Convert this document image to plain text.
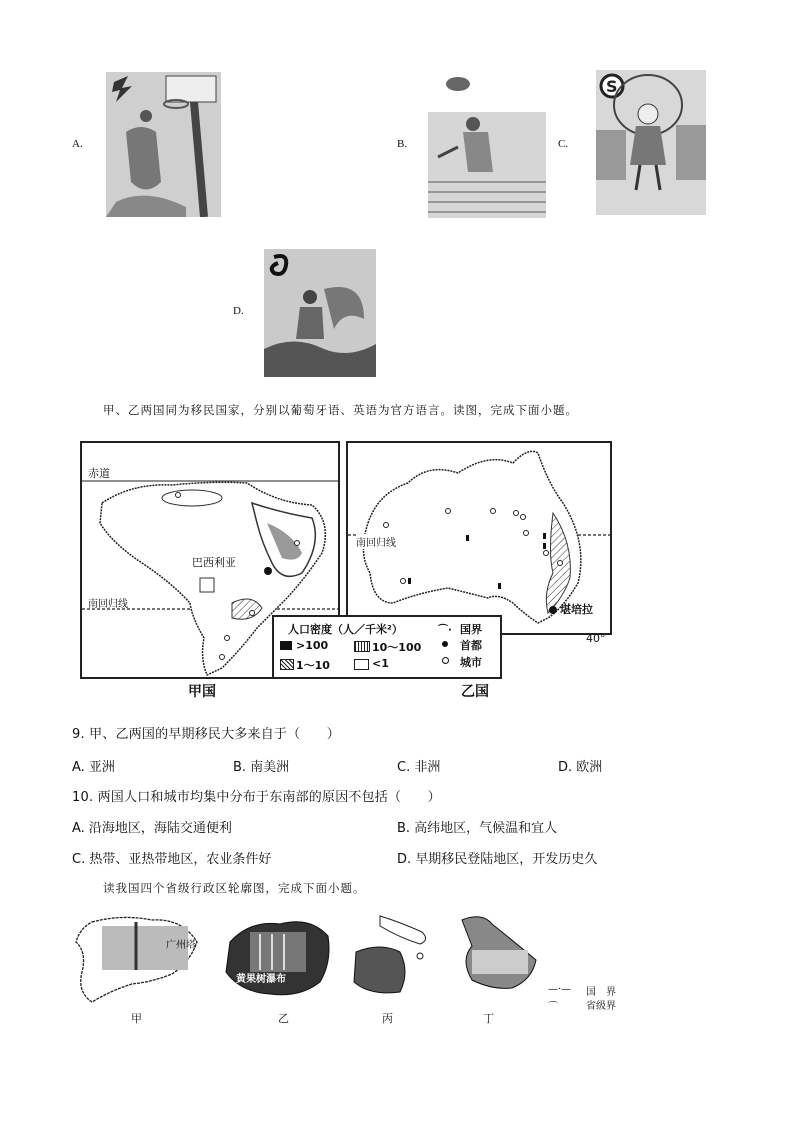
A.	B.	C.
S
D.
甲、乙两国同为移民国家，分别以葡萄牙语、英语为官方语言。读图，完成下面小题。
赤道
巴西利亚
南回归线
南回归线
堪培拉
40°
人口密度（人／千米²）
>100	10～100
1～10	<1
⌒· 国界
首都
城市
甲国	乙国
9. 甲、乙两国的早期移民大多来自于（　　）
A. 亚洲	B. 南美洲	C. 非洲	D. 欧洲
10. 两国人口和城市均集中分布于东南部的原因不包括（　　）
A. 沿海地区，海陆交通便利	B. 高纬地区，气候温和宜人
C. 热带、亚热带地区，农业条件好	D. 早期移民登陆地区，开发历史久
读我国四个省级行政区轮廓图，完成下面小题。
广州塔
黄果树瀑布
甲	乙	丙	丁
—·— 国　界
⌒	省级界
